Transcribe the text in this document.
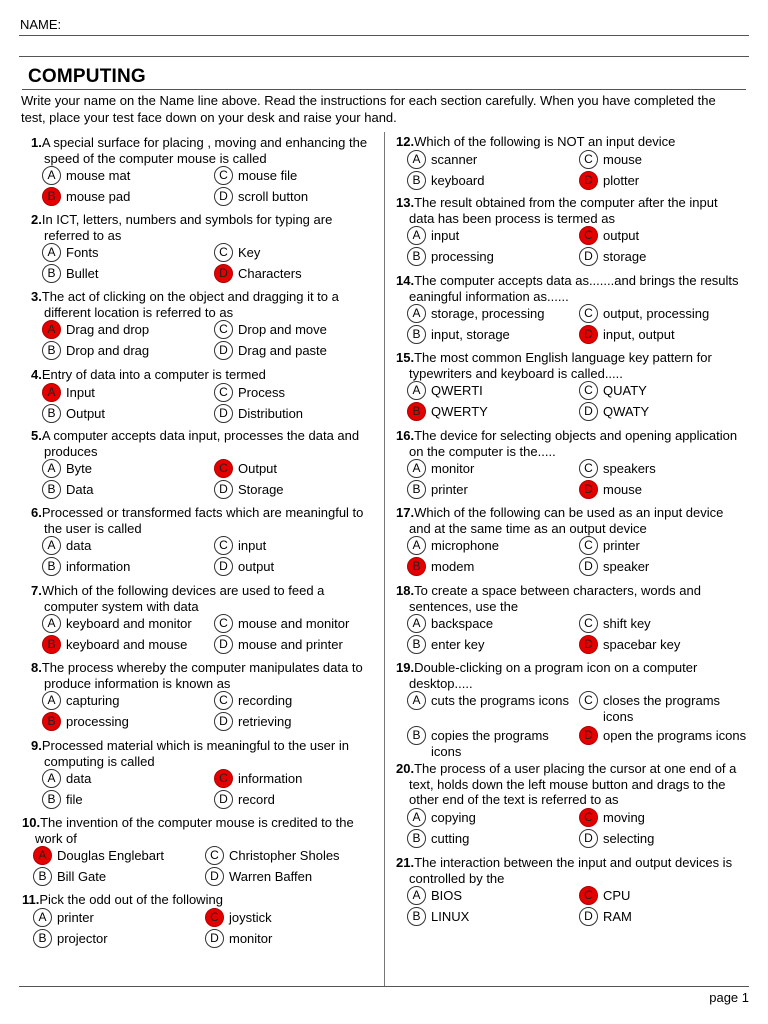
NAME:
COMPUTING
Write your name on the Name line above. Read the instructions for each section carefully. When you have completed the test, place your test face down on your desk and raise your hand.
page 1
1.A special surface for placing , moving and enhancing the speed of the computer mouse is called
A mouse mat	C mouse file
B mouse pad	D scroll button
2.In ICT, letters, numbers and symbols for typing are referred to as
A Fonts	C Key
B Bullet	D Characters
3.The act of clicking on the object and dragging it to a different location is referred to as
A Drag and drop	C Drop and move
B Drop and drag	D Drag and paste
4.Entry of data into a computer is termed
A Input	C Process
B Output	D Distribution
5.A computer accepts data input, processes the data and produces
A Byte	C Output
B Data	D Storage
6.Processed or transformed facts which are meaningful to the user is called
A data	C input
B information	D output
7.Which of the following devices are used to feed a computer system with data
A keyboard and monitor	C mouse and monitor
B keyboard and mouse	D mouse and printer
8.The process whereby the computer manipulates data to produce information is known as
A capturing	C recording
B processing	D retrieving
9.Processed material which is meaningful to the user in computing is called
A data	C information
B file	D record
10.The invention of the computer mouse is credited to the work of
A Douglas Englebart	C Christopher Sholes
B Bill Gate	D Warren Baffen
11.Pick the odd out of the following
A printer	C joystick
B projector	D monitor
12.Which of the following is NOT an input device
A scanner	C mouse
B keyboard	D plotter
13.The result obtained from the computer after the input data has been process is termed as
A input	C output
B processing	D storage
14.The computer accepts data as.......and brings the results eaningful information as......
A storage, processing	C output, processing
B input, storage	D input, output
15.The most common English language key pattern for typewriters and keyboard is called.....
A QWERTI	C QUATY
B QWERTY	D QWATY
16.The device for selecting objects and opening application on the computer is the.....
A monitor	C speakers
B printer	D mouse
17.Which of the following can be used as an input device and at the same time as an output device
A microphone	C printer
B modem	D speaker
18.To create a space between characters, words and sentences, use the
A backspace	C shift key
B enter key	D spacebar key
19.Double-clicking on a program icon on a computer desktop.....
A cuts the programs icons	C closes the programs icons
B copies the programs icons
D open the programs icons
20.The process of a user placing the cursor at one end of a text, holds down the left mouse button and drags to the other end of the text is referred to as
A copying	C moving
B cutting	D selecting
21.The interaction between the input and output devices is controlled by the
A BIOS	C CPU
B LINUX	D RAM
